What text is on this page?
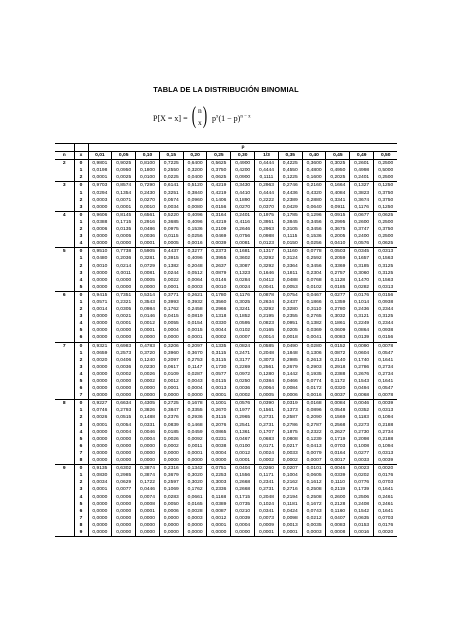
TABLA DE LA DISTRIBUCIÓN BINOMIAL
P[X = x] = ( n
x ) $p^x(1 - p)^{n - x}$
		p												
n	x	0,01	0,05	0,10	0,15	0,20	0,25	0,30	1/3	0,35	0,40	0,45	0,49	0,50
2	0	0,9801	0,9025	0,8100	0,7225	0,6400	0,5625	0,4900	0,4444	0,4225	0,3600	0,3025	0,2601	0,2500
	1	0,0198	0,0950	0,1800	0,2550	0,3200	0,3750	0,4200	0,4444	0,4550	0,4800	0,4950	0,4998	0,5000
	2	0,0001	0,0025	0,0100	0,0225	0,0400	0,0625	0,0900	0,1111	0,1225	0,1600	0,2025	0,2401	0,2500
3	0	0,9703	0,8574	0,7290	0,6141	0,5120	0,4219	0,3430	0,2963	0,2746	0,2160	0,1664	0,1327	0,1250
	1	0,0294	0,1354	0,2430	0,3251	0,3840	0,4219	0,4410	0,4444	0,4436	0,4320	0,4084	0,3823	0,3750
	2	0,0003	0,0071	0,0270	0,0574	0,0960	0,1406	0,1890	0,2222	0,2389	0,2880	0,3341	0,3674	0,3750
	3	0,0000	0,0001	0,0010	0,0034	0,0080	0,0156	0,0270	0,0370	0,0429	0,0640	0,0911	0,1176	0,1250
4	0	0,9606	0,8145	0,6561	0,5220	0,4096	0,3164	0,2401	0,1975	0,1785	0,1296	0,0915	0,0677	0,0625
	1	0,0388	0,1715	0,2916	0,3685	0,4096	0,4219	0,4116	0,3951	0,3845	0,3456	0,2995	0,2600	0,2500
	2	0,0006	0,0135	0,0486	0,0975	0,1536	0,2109	0,2646	0,2963	0,3105	0,3456	0,3675	0,3747	0,3750
	3	0,0000	0,0005	0,0036	0,0115	0,0256	0,0469	0,0756	0,0988	0,1115	0,1536	0,2005	0,2400	0,2500
	4	0,0000	0,0000	0,0001	0,0005	0,0016	0,0039	0,0081	0,0123	0,0150	0,0256	0,0410	0,0576	0,0625
5	0	0,9510	0,7738	0,5905	0,4437	0,3277	0,2373	0,1681	0,1317	0,1160	0,0778	0,0503	0,0345	0,0313
	1	0,0480	0,2036	0,3281	0,3915	0,4096	0,3955	0,3602	0,3292	0,3124	0,2592	0,2059	0,1657	0,1563
	2	0,0010	0,0214	0,0729	0,1382	0,2048	0,2637	0,3087	0,3292	0,3364	0,3456	0,3369	0,3185	0,3125
	3	0,0000	0,0011	0,0081	0,0244	0,0512	0,0879	0,1323	0,1646	0,1811	0,2304	0,2757	0,3060	0,3125
	4	0,0000	0,0000	0,0005	0,0022	0,0064	0,0146	0,0284	0,0412	0,0488	0,0768	0,1128	0,1470	0,1563
	5	0,0000	0,0000	0,0000	0,0001	0,0003	0,0010	0,0024	0,0041	0,0053	0,0102	0,0185	0,0282	0,0313
6	0	0,9415	0,7351	0,5314	0,3771	0,2621	0,1780	0,1176	0,0878	0,0754	0,0467	0,0277	0,0176	0,0156
	1	0,0571	0,2321	0,3543	0,3993	0,3932	0,3560	0,3025	0,2634	0,2437	0,1866	0,1359	0,1014	0,0938
	2	0,0014	0,0305	0,0984	0,1762	0,2458	0,2966	0,3241	0,3292	0,3280	0,3110	0,2780	0,2436	0,2344
	3	0,0000	0,0021	0,0146	0,0415	0,0819	0,1318	0,1852	0,2195	0,2355	0,2765	0,3032	0,3121	0,3125
	4	0,0000	0,0001	0,0012	0,0055	0,0154	0,0330	0,0595	0,0823	0,0951	0,1382	0,1861	0,2249	0,2344
	5	0,0000	0,0000	0,0001	0,0004	0,0015	0,0044	0,0102	0,0165	0,0205	0,0369	0,0609	0,0864	0,0938
	6	0,0000	0,0000	0,0000	0,0000	0,0001	0,0002	0,0007	0,0014	0,0018	0,0041	0,0083	0,0139	0,0156
7	0	0,9321	0,6983	0,4783	0,3206	0,2097	0,1335	0,0824	0,0585	0,0490	0,0280	0,0152	0,0090	0,0078
	1	0,0659	0,2573	0,3720	0,3960	0,3670	0,3115	0,2471	0,2048	0,1848	0,1306	0,0872	0,0604	0,0547
	2	0,0020	0,0406	0,1240	0,2097	0,2753	0,3115	0,3177	0,3073	0,2985	0,2613	0,2140	0,1740	0,1641
	3	0,0000	0,0036	0,0230	0,0617	0,1147	0,1730	0,2269	0,2561	0,2679	0,2903	0,2918	0,2786	0,2734
	4	0,0000	0,0002	0,0026	0,0109	0,0287	0,0577	0,0972	0,1280	0,1442	0,1935	0,2388	0,2676	0,2734
	5	0,0000	0,0000	0,0002	0,0012	0,0043	0,0115	0,0250	0,0384	0,0466	0,0774	0,1172	0,1543	0,1641
	6	0,0000	0,0000	0,0000	0,0001	0,0004	0,0013	0,0036	0,0064	0,0084	0,0172	0,0320	0,0494	0,0547
	7	0,0000	0,0000	0,0000	0,0000	0,0000	0,0001	0,0002	0,0005	0,0006	0,0016	0,0037	0,0068	0,0078
8	0	0,9227	0,6634	0,4305	0,2725	0,1678	0,1001	0,0576	0,0390	0,0319	0,0168	0,0084	0,0046	0,0039
	1	0,0746	0,2793	0,3826	0,3847	0,3355	0,2670	0,1977	0,1561	0,1373	0,0896	0,0548	0,0352	0,0313
	2	0,0026	0,0515	0,1488	0,2376	0,2936	0,3115	0,2965	0,2731	0,2587	0,2090	0,1569	0,1183	0,1094
	3	0,0001	0,0054	0,0331	0,0839	0,1468	0,2076	0,2541	0,2731	0,2786	0,2787	0,2568	0,2273	0,2188
	4	0,0000	0,0004	0,0046	0,0185	0,0459	0,0865	0,1361	0,1707	0,1875	0,2322	0,2627	0,2730	0,2734
	5	0,0000	0,0000	0,0004	0,0026	0,0092	0,0231	0,0467	0,0683	0,0808	0,1239	0,1719	0,2098	0,2188
	6	0,0000	0,0000	0,0000	0,0002	0,0011	0,0038	0,0100	0,0171	0,0217	0,0413	0,0703	0,1008	0,1094
	7	0,0000	0,0000	0,0000	0,0000	0,0001	0,0004	0,0012	0,0024	0,0033	0,0079	0,0164	0,0277	0,0313
	8	0,0000	0,0000	0,0000	0,0000	0,0000	0,0000	0,0001	0,0002	0,0002	0,0007	0,0017	0,0033	0,0039
9	0	0,9135	0,6302	0,3874	0,2316	0,1342	0,0751	0,0404	0,0260	0,0207	0,0101	0,0046	0,0023	0,0020
	1	0,0830	0,2985	0,3874	0,3679	0,3020	0,2253	0,1556	0,1171	0,1004	0,0605	0,0339	0,0202	0,0176
	2	0,0034	0,0629	0,1722	0,2597	0,3020	0,3003	0,2668	0,2341	0,2162	0,1612	0,1110	0,0776	0,0703
	3	0,0001	0,0077	0,0446	0,1069	0,1762	0,2336	0,2668	0,2731	0,2716	0,2508	0,2119	0,1739	0,1641
	4	0,0000	0,0006	0,0074	0,0283	0,0661	0,1168	0,1715	0,2048	0,2194	0,2508	0,2600	0,2506	0,2461
	5	0,0000	0,0000	0,0008	0,0050	0,0165	0,0389	0,0735	0,1024	0,1181	0,1672	0,2128	0,2408	0,2461
	6	0,0000	0,0000	0,0001	0,0006	0,0028	0,0087	0,0210	0,0341	0,0424	0,0743	0,1160	0,1542	0,1641
	7	0,0000	0,0000	0,0000	0,0000	0,0003	0,0012	0,0039	0,0073	0,0098	0,0212	0,0407	0,0635	0,0703
	8	0,0000	0,0000	0,0000	0,0000	0,0000	0,0001	0,0004	0,0009	0,0013	0,0035	0,0083	0,0153	0,0176
	9	0,0000	0,0000	0,0000	0,0000	0,0000	0,0000	0,0000	0,0001	0,0001	0,0003	0,0008	0,0016	0,0020
